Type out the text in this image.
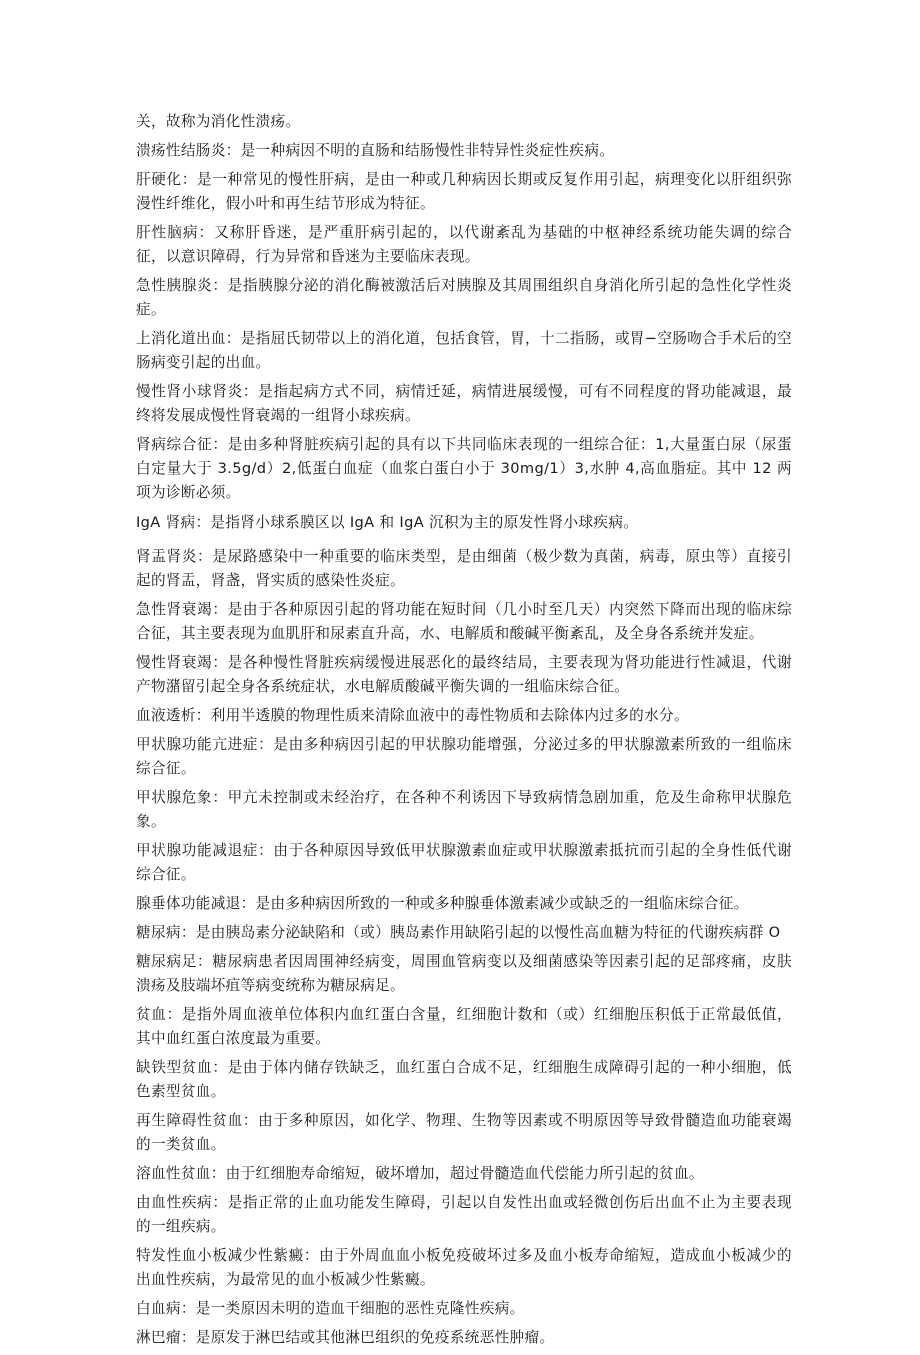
关，故称为消化性溃疡。

溃疡性结肠炎：是一种病因不明的直肠和结肠慢性非特异性炎症性疾病。

肝硬化：是一种常见的慢性肝病，是由一种或几种病因长期或反复作用引起，病理变化以肝组织弥漫性纤维化，假小叶和再生结节形成为特征。

肝性脑病：又称肝昏迷，是严重肝病引起的，以代谢紊乱为基础的中枢神经系统功能失调的综合征，以意识障碍，行为异常和昏迷为主要临床表现。

急性胰腺炎：是指胰腺分泌的消化酶被激活后对胰腺及其周围组织自身消化所引起的急性化学性炎症。

上消化道出血：是指屈氏韧带以上的消化道，包括食管，胃，十二指肠，或胃−空肠吻合手术后的空肠病变引起的出血。

慢性肾小球肾炎：是指起病方式不同，病情迁延，病情进展缓慢，可有不同程度的肾功能减退，最终将发展成慢性肾衰竭的一组肾小球疾病。

肾病综合征：是由多种肾脏疾病引起的具有以下共同临床表现的一组综合征：1,大量蛋白尿（尿蛋白定量大于 3.5g/d）2,低蛋白血症（血浆白蛋白小于 30mg/1）3,水肿 4,高血脂症。其中 12 两项为诊断必须。

IgA 肾病：是指肾小球系膜区以 IgA 和 IgA 沉积为主的原发性肾小球疾病。

肾盂肾炎：是尿路感染中一种重要的临床类型，是由细菌（极少数为真菌，病毒，原虫等）直接引起的肾盂，肾盏，肾实质的感染性炎症。

急性肾衰竭：是由于各种原因引起的肾功能在短时间（几小时至几天）内突然下降而出现的临床综合征，其主要表现为血肌肝和尿素直升高，水、电解质和酸碱平衡紊乱，及全身各系统并发症。

慢性肾衰竭：是各种慢性肾脏疾病缓慢进展恶化的最终结局，主要表现为肾功能进行性减退，代谢产物潴留引起全身各系统症状，水电解质酸碱平衡失调的一组临床综合征。

血液透析：利用半透膜的物理性质来清除血液中的毒性物质和去除体内过多的水分。

甲状腺功能亢进症：是由多种病因引起的甲状腺功能增强，分泌过多的甲状腺激素所致的一组临床综合征。

甲状腺危象：甲亢未控制或未经治疗，在各种不利诱因下导致病情急剧加重，危及生命称甲状腺危象。

甲状腺功能减退症：由于各种原因导致低甲状腺激素血症或甲状腺激素抵抗而引起的全身性低代谢综合征。

腺垂体功能减退：是由多种病因所致的一种或多种腺垂体激素减少或缺乏的一组临床综合征。

糖尿病：是由胰岛素分泌缺陷和（或）胰岛素作用缺陷引起的以慢性高血糖为特征的代谢疾病群 O

糖尿病足：糖尿病患者因周围神经病变，周围血管病变以及细菌感染等因素引起的足部疼痛，皮肤溃疡及肢端坏疽等病变统称为糖尿病足。

贫血：是指外周血液单位体积内血红蛋白含量，红细胞计数和（或）红细胞压积低于正常最低值，其中血红蛋白浓度最为重要。

缺铁型贫血：是由于体内储存铁缺乏，血红蛋白合成不足，红细胞生成障碍引起的一种小细胞，低色素型贫血。

再生障碍性贫血：由于多种原因，如化学、物理、生物等因素或不明原因等导致骨髓造血功能衰竭的一类贫血。

溶血性贫血：由于红细胞寿命缩短，破坏增加，超过骨髓造血代偿能力所引起的贫血。

由血性疾病：是指正常的止血功能发生障碍，引起以自发性出血或轻微创伤后出血不止为主要表现的一组疾病。

特发性血小板减少性紫癜：由于外周血血小板免疫破坏过多及血小板寿命缩短，造成血小板减少的出血性疾病，为最常见的血小板减少性紫癜。

白血病：是一类原因未明的造血干细胞的恶性克隆性疾病。

淋巴瘤：是原发于淋巴结或其他淋巴组织的免疫系统恶性肿瘤。
